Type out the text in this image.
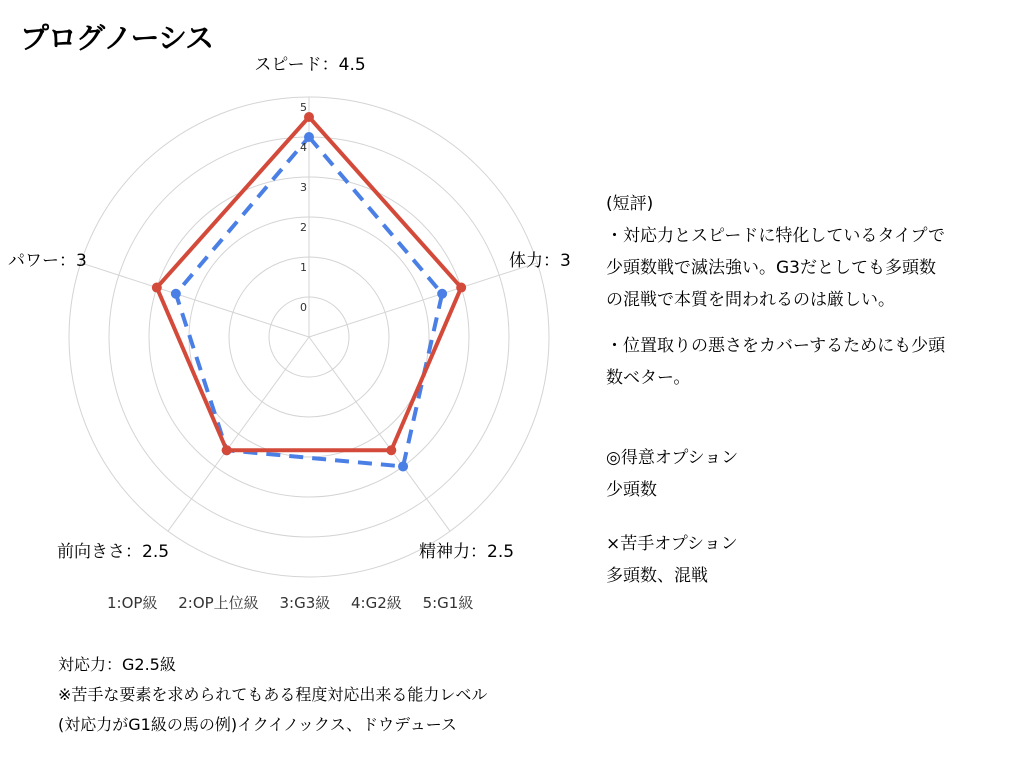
プログノーシス
0
1
2
3
4
5
スピード：4.5
体力：3
精神力：2.5
前向きさ：2.5
パワー：3
1:OP級 2:OP上位級 3:G3級 4:G2級 5:G1級

(短評)

・対応力とスピードに特化しているタイプで

少頭数戦で滅法強い。G3だとしても多頭数

の混戦で本質を問われるのは厳しい。

・位置取りの悪さをカバーするためにも少頭

数ベター。

◎得意オプション

少頭数

×苦手オプション

多頭数、混戦

対応力：G2.5級
※苦手な要素を求められてもある程度対応出来る能力レベル
(対応力がG1級の馬の例)イクイノックス、ドウデュース
